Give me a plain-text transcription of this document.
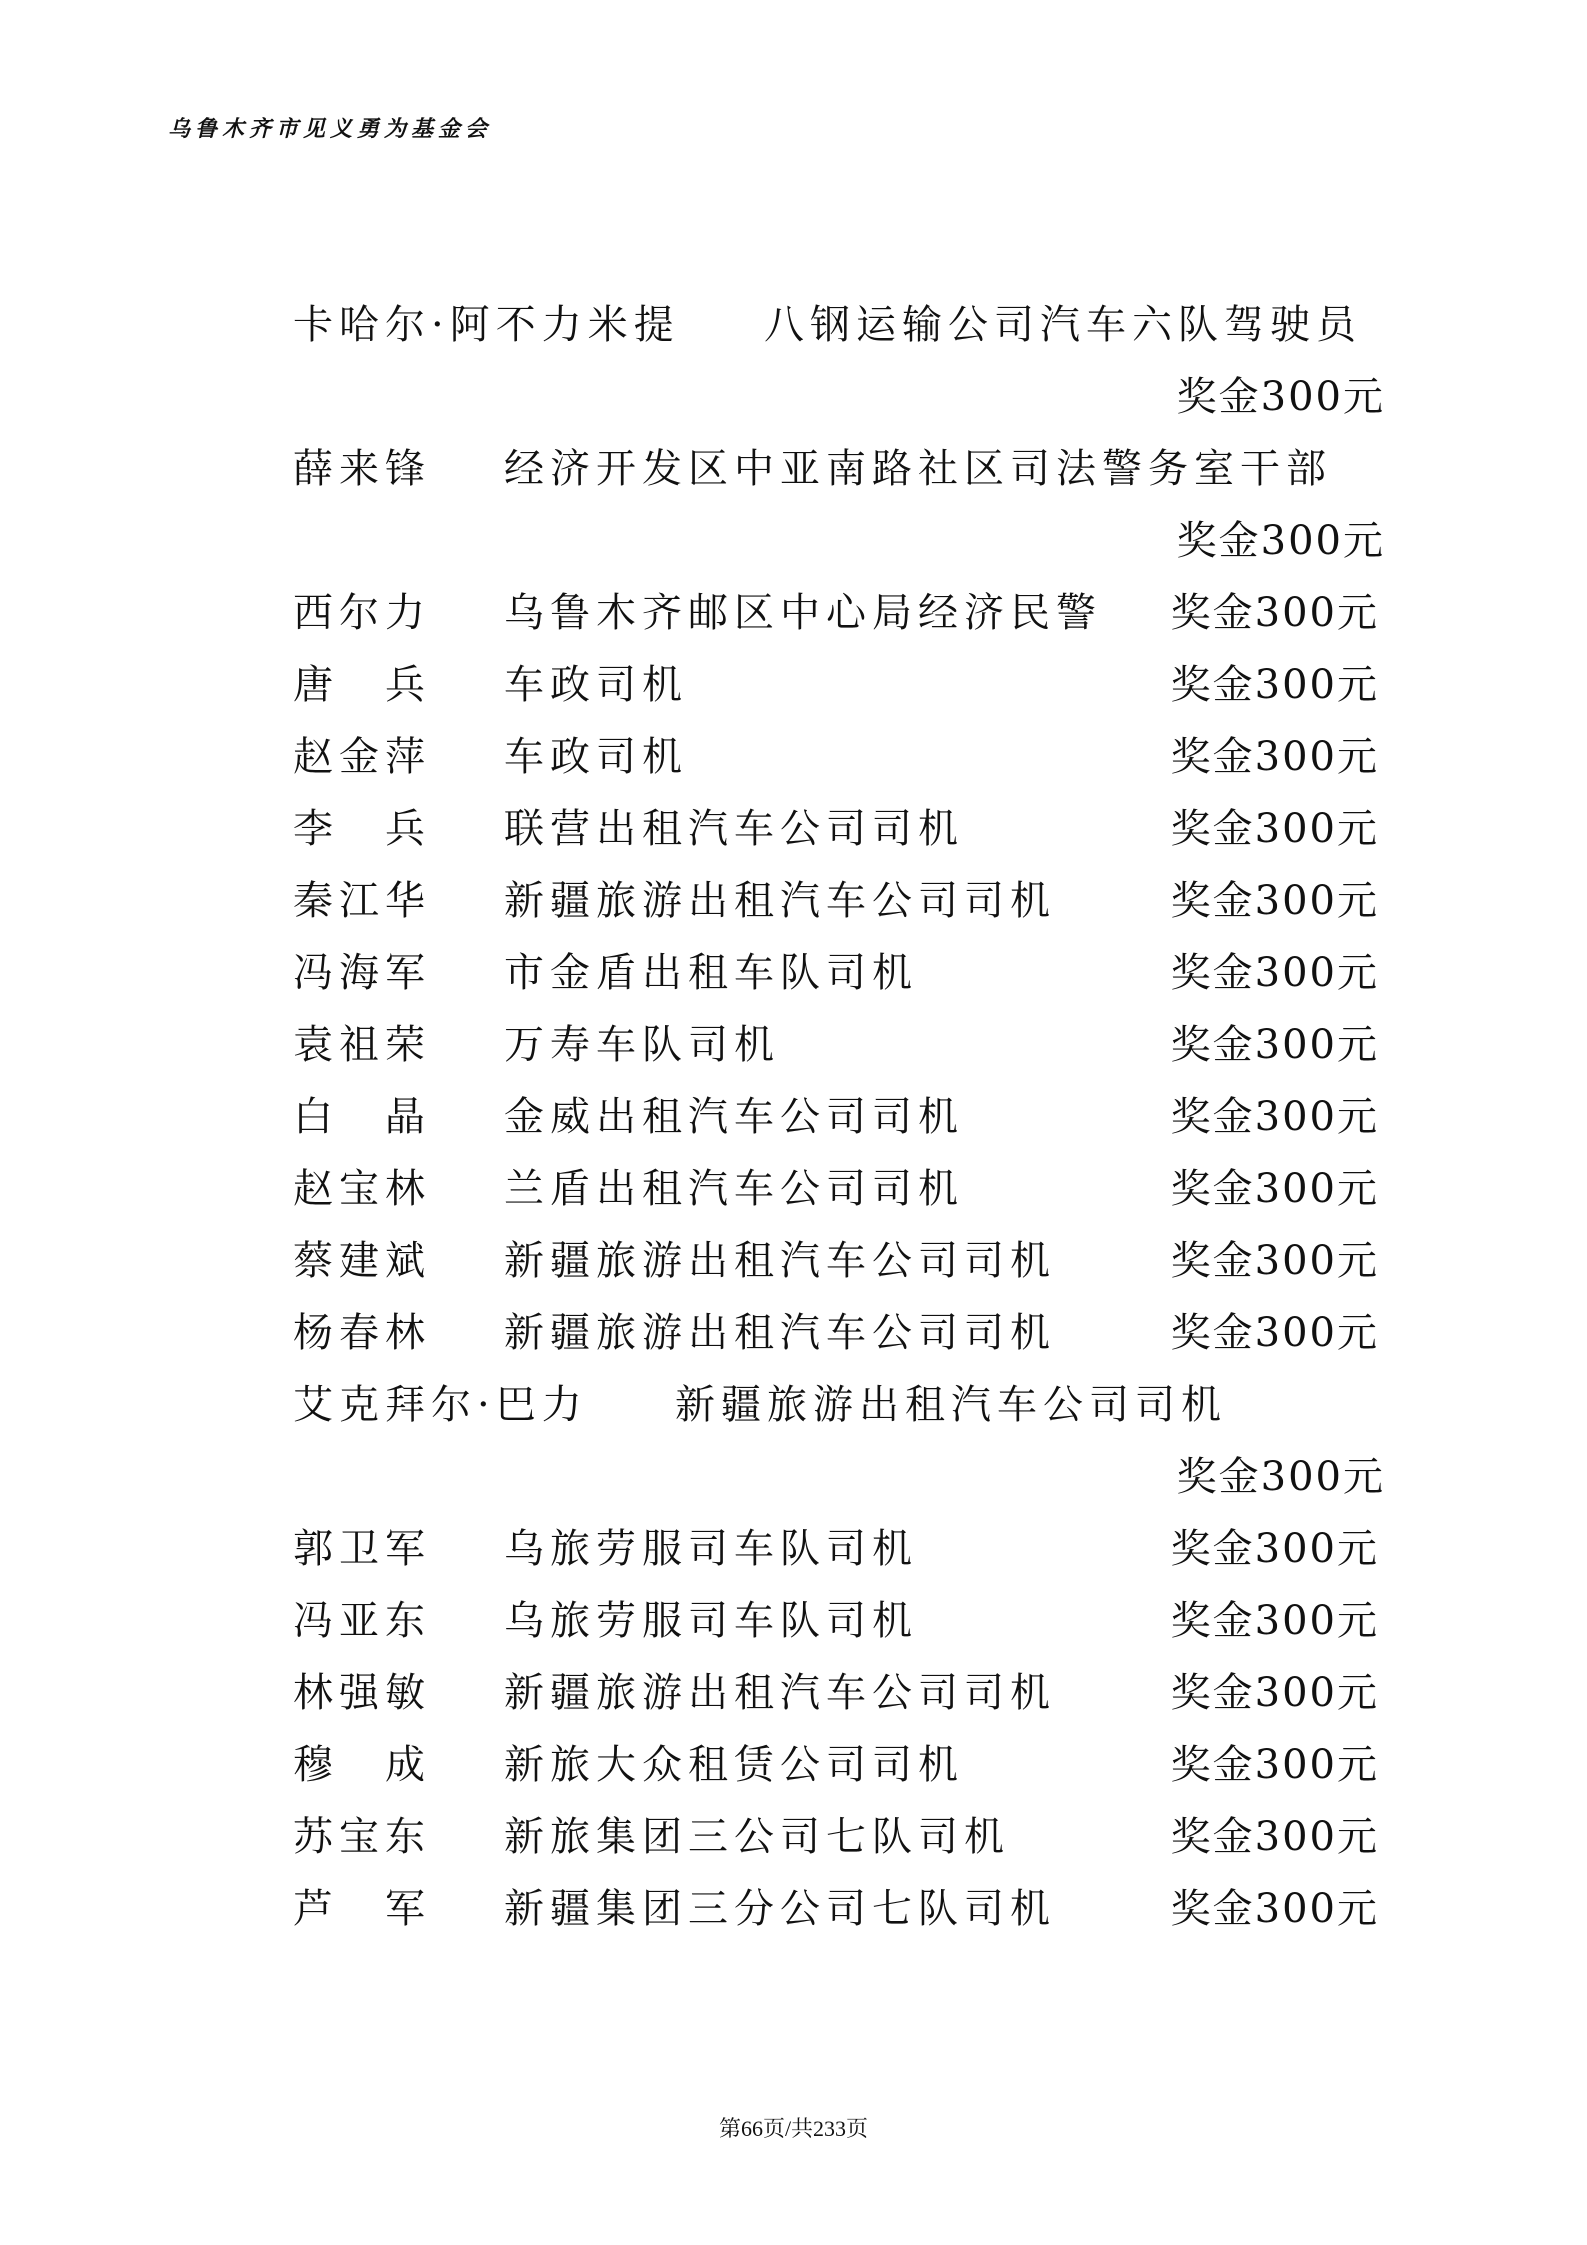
乌鲁木齐市见义勇为基金会
卡哈尔·阿不力米提 八钢运输公司汽车六队驾驶员
奖金300元
薛来锋 经济开发区中亚南路社区司法警务室干部
奖金300元
西尔力 乌鲁木齐邮区中心局经济民警 奖金300元
唐　兵 车政司机	奖金300元
赵金萍 车政司机	奖金300元
李　兵 联营出租汽车公司司机	奖金300元
秦江华 新疆旅游出租汽车公司司机	奖金300元
冯海军 市金盾出租车队司机	奖金300元
袁祖荣 万寿车队司机	奖金300元
白　晶 金威出租汽车公司司机	奖金300元
赵宝林 兰盾出租汽车公司司机	奖金300元
蔡建斌 新疆旅游出租汽车公司司机	奖金300元
杨春林 新疆旅游出租汽车公司司机	奖金300元
艾克拜尔·巴力 新疆旅游出租汽车公司司机
奖金300元
郭卫军 乌旅劳服司车队司机	奖金300元
冯亚东 乌旅劳服司车队司机	奖金300元
林强敏 新疆旅游出租汽车公司司机	奖金300元
穆　成 新旅大众租赁公司司机	奖金300元
苏宝东 新旅集团三公司七队司机	奖金300元
芦　军 新疆集团三分公司七队司机	奖金300元
第66页/共233页
